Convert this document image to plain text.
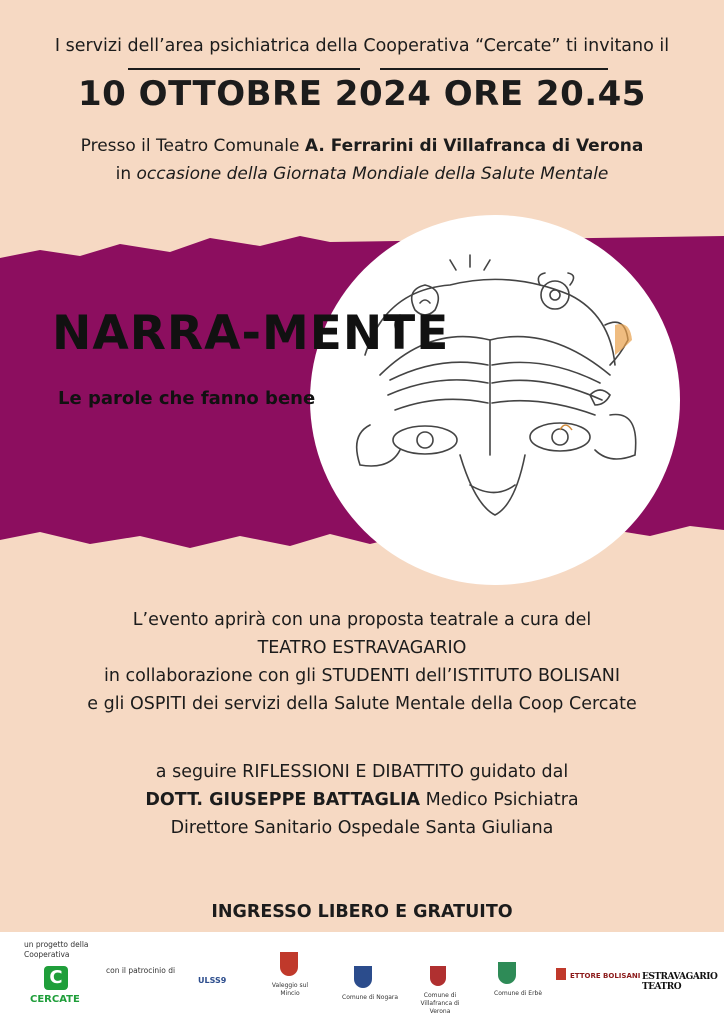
I servizi dell’area psichiatrica della Cooperativa “Cercate” ti invitano il
10 OTTOBRE 2024 ORE 20.45
Presso il Teatro Comunale A. Ferrarini di Villafranca di Verona
in occasione della Giornata Mondiale della Salute Mentale
NARRA-MENTE
Le parole che fanno bene
L’evento aprirà con una proposta teatrale a cura del
TEATRO ESTRAVAGARIO
in collaborazione con gli STUDENTI dell’ISTITUTO BOLISANI
e gli OSPITI dei servizi della Salute Mentale della Coop Cercate
a seguire RIFLESSIONI E DIBATTITO guidato dal
DOTT. GIUSEPPE BATTAGLIA Medico Psichiatra
Direttore Sanitario Ospedale Santa Giuliana
INGRESSO LIBERO E GRATUITO
un progetto della Cooperativa
C
CERCATE
con il patrocinio di
ULSS9
Valeggio sul Mincio
Comune di Nogara	Comune di Villafranca di Verona
Comune di Erbè
ETTORE BOLISANI ESTRAVAGARIO TEATRO
